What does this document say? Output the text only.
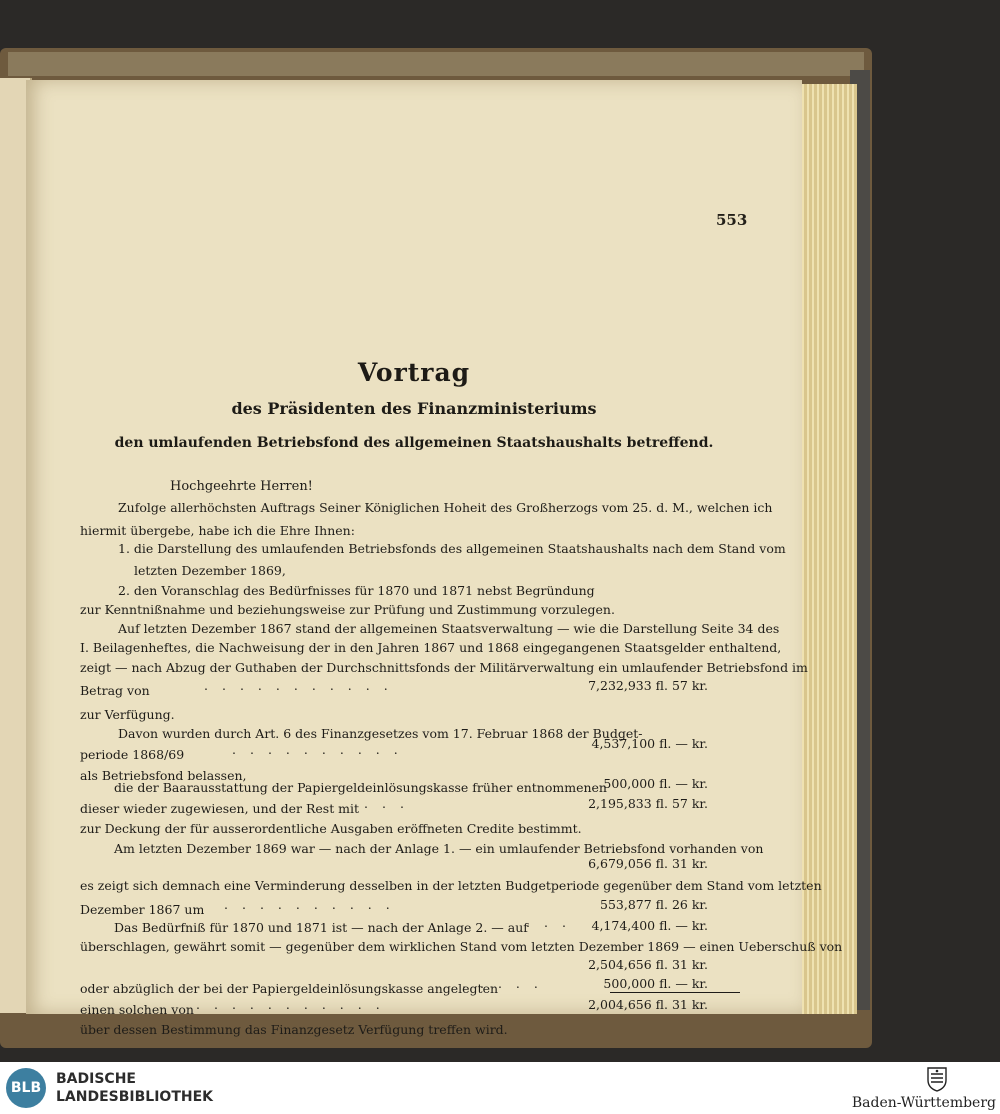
553
Vortrag
des Präsidenten des Finanzministeriums
den umlaufenden Betriebsfond des allgemeinen Staatshaushalts betreffend.
Hochgeehrte Herren!
Zufolge allerhöchsten Auftrags Seiner Königlichen Hoheit des Großherzogs vom 25. d. M., welchen ich
hiermit übergebe, habe ich die Ehre Ihnen:
1. die Darstellung des umlaufenden Betriebsfonds des allgemeinen Staatshaushalts nach dem Stand vom
letzten Dezember 1869,
2. den Voranschlag des Bedürfnisses für 1870 und 1871 nebst Begründung
zur Kenntnißnahme und beziehungsweise zur Prüfung und Zustimmung vorzulegen.
Auf letzten Dezember 1867 stand der allgemeinen Staatsverwaltung — wie die Darstellung Seite 34 des
I. Beilagenheftes, die Nachweisung der in den Jahren 1867 und 1868 eingegangenen Staatsgelder enthaltend,
zeigt — nach Abzug der Guthaben der Durchschnittsfonds der Militärverwaltung ein umlaufender Betriebsfond im
Betrag von	...........	7,232,933 fl. 57 kr.
zur Verfügung.
Davon wurden durch Art. 6 des Finanzgesetzes vom 17. Februar 1868 der Budget-
periode 1868/69	..........	4,537,100 fl. — kr.
als Betriebsfond belassen,
die der Baarausstattung der Papiergeldeinlösungskasse früher entnommenen
500,000 fl. — kr.
dieser wieder zugewiesen, und der Rest mit ...	2,195,833 fl. 57 kr.
zur Deckung der für ausserordentliche Ausgaben eröffneten Credite bestimmt.
Am letzten Dezember 1869 war — nach der Anlage 1. — ein umlaufender Betriebsfond vorhanden von
6,679,056 fl. 31 kr.
es zeigt sich demnach eine Verminderung desselben in der letzten Budgetperiode gegenüber dem Stand vom letzten
Dezember 1867 um ..........	553,877 fl. 26 kr.
Das Bedürfniß für 1870 und 1871 ist — nach der Anlage 2. — auf
... 4,174,400 fl. — kr.
überschlagen, gewährt somit — gegenüber dem wirklichen Stand vom letzten Dezember 1869 — einen Ueberschuß von
2,504,656 fl. 31 kr.
oder abzüglich der bei der Papiergeldeinlösungskasse angelegten
.....	500,000 fl. — kr.
einen solchen von ...........	2,004,656 fl. 31 kr.
über dessen Bestimmung das Finanzgesetz Verfügung treffen wird.
BLB
BADISCHE
LANDESBIBLIOTHEK	Baden-Württemberg
